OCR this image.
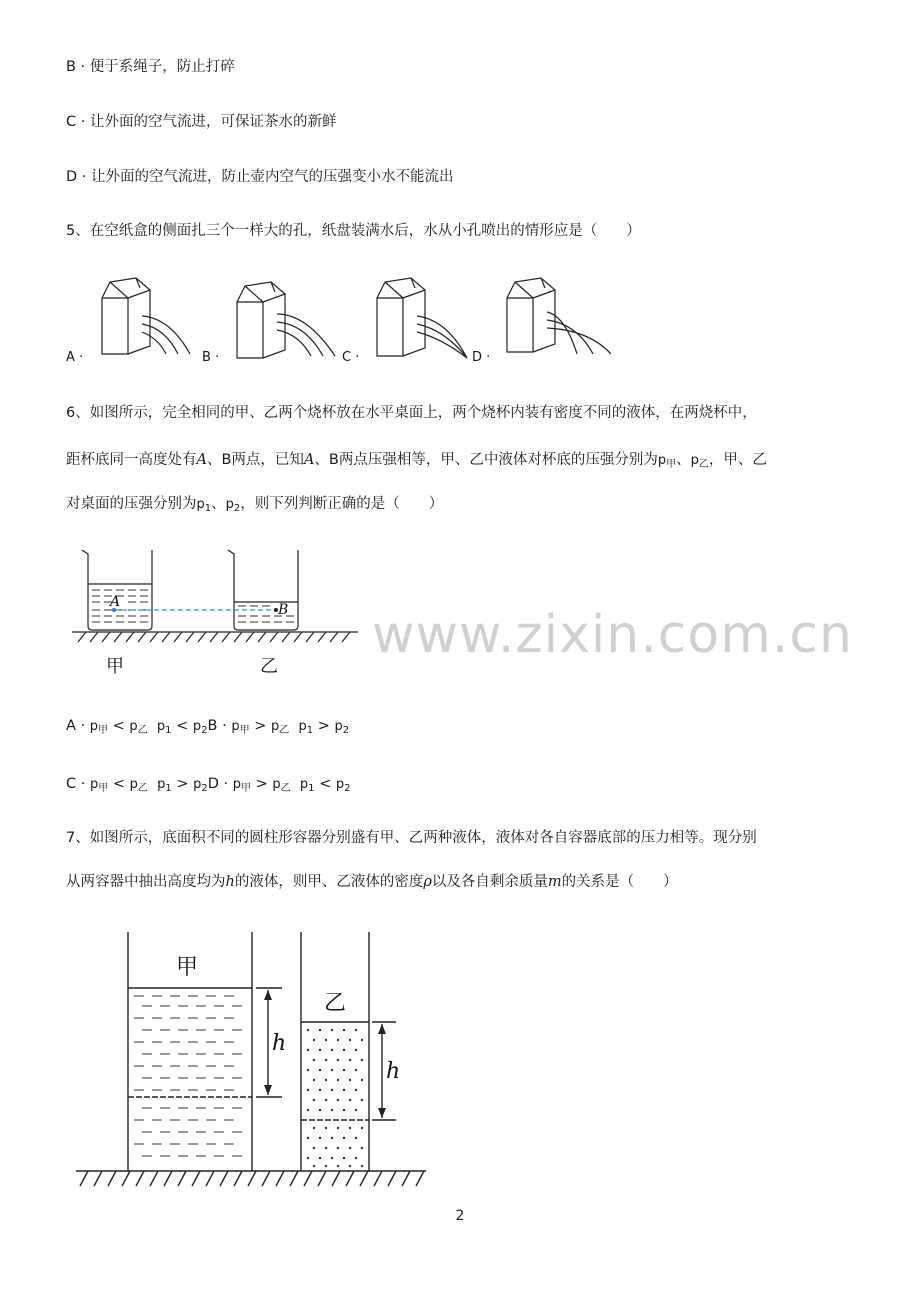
B · 便于系绳子，防止打碎
C · 让外面的空气流进，可保证茶水的新鲜
D · 让外面的空气流进，防止壶内空气的压强变小水不能流出
5、在空纸盒的侧面扎三个一样大的孔，纸盘装满水后，水从小孔喷出的情形应是（　　）
A ·	B ·	C ·	D ·
6、如图所示，完全相同的甲、乙两个烧杯放在水平桌面上，两个烧杯内装有密度不同的液体，在两烧杯中，
距杯底同一高度处有A、B两点，已知A、B两点压强相等，甲、乙中液体对杯底的压强分别为$p_甲$、$p_乙$，甲、乙
对桌面的压强分别为$p_1$、$p_2$，则下列判断正确的是（　　）
A	B
甲	乙
$A \cdot p_甲 < p_乙$ $p_1 < p_2B \cdot p_甲 > p_乙$ $p_1 > p_2$
$C \cdot p_甲 < p_乙$ $p_1 > p_2D \cdot p_甲 > p_乙$ $p_1 < p_2$
7、如图所示，底面积不同的圆柱形容器分别盛有甲、乙两种液体，液体对各自容器底部的压力相等。现分别
从两容器中抽出高度均为h的液体，则甲、乙液体的密度ρ以及各自剩余质量m的关系是（　　）
甲
乙
h
h
www.zixin.com.cn
2
